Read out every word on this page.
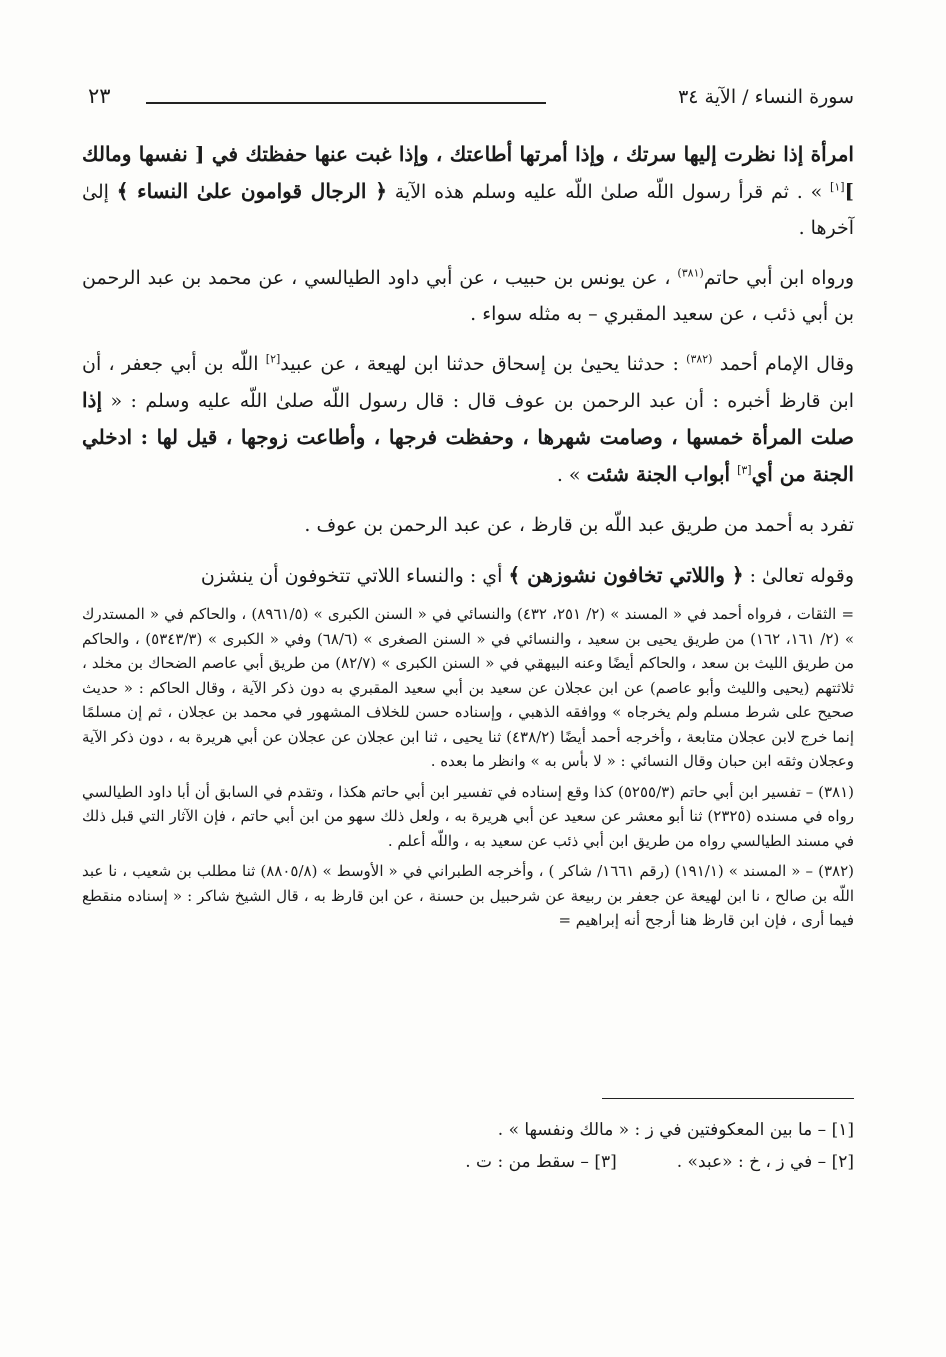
سورة النساء / الآية ٣٤
٢٣

امرأة إذا نظرت إليها سرتك ، وإذا أمرتها أطاعتك ، وإذا غبت عنها حفظتك في [ نفسها ومالك ][١] » . ثم قرأ رسول اللّه صلىٰ اللّه عليه وسلم هذه الآية ﴿ الرجال قوامون علىٰ النساء ﴾ إلىٰ آخرها .

ورواه ابن أبي حاتم$^{(٣٨١)}$ ، عن يونس بن حبيب ، عن أبي داود الطيالسي ، عن محمد بن عبد الرحمن بن أبي ذئب ، عن سعيد المقبري – به مثله سواء .

وقال الإمام أحمد $^{(٣٨٢)}$ : حدثنا يحيىٰ بن إسحاق حدثنا ابن لهيعة ، عن عبيد[٢] اللّه بن أبي جعفر ، أن ابن قارظ أخبره : أن عبد الرحمن بن عوف قال : قال رسول اللّه صلىٰ اللّه عليه وسلم : « إذا صلت المرأة خمسها ، وصامت شهرها ، وحفظت فرجها ، وأطاعت زوجها ، قيل لها : ادخلي الجنة من أي[٣] أبواب الجنة شئت » .

تفرد به أحمد من طريق عبد اللّه بن قارظ ، عن عبد الرحمن بن عوف .

وقوله تعالىٰ : ﴿ واللاتي تخافون نشوزهن ﴾ أي : والنساء اللاتي تتخوفون أن ينشزن

= الثقات ، فرواه أحمد في « المسند » (٢/ ٢٥١، ٤٣٢) والنسائي في « السنن الكبرى » (٨٩٦١/٥) ، والحاكم في « المستدرك » (٢/ ١٦١، ١٦٢) من طريق يحيى بن سعيد ، والنسائي في « السنن الصغرى » (٦٨/٦) وفي « الكبرى » (٥٣٤٣/٣) ، والحاكم من طريق الليث بن سعد ، والحاكم أيضًا وعنه البيهقي في « السنن الكبرى » (٨٢/٧) من طريق أبي عاصم الضحاك بن مخلد ، ثلاثتهم (يحيى والليث وأبو عاصم) عن ابن عجلان عن سعيد بن أبي سعيد المقبري به دون ذكر الآية ، وقال الحاكم : « حديث صحيح على شرط مسلم ولم يخرجاه » ووافقه الذهبي ، وإسناده حسن للخلاف المشهور في محمد بن عجلان ، ثم إن مسلمًا إنما خرج لابن عجلان متابعة ، وأخرجه أحمد أيضًا (٤٣٨/٢) ثنا يحيى ، ثنا ابن عجلان عن عجلان عن أبي هريرة به ، دون ذكر الآية وعجلان وثقه ابن حبان وقال النسائي : « لا بأس به » وانظر ما بعده .

(٣٨١) – تفسير ابن أبي حاتم (٥٢٥٥/٣) كذا وقع إسناده في تفسير ابن أبي حاتم هكذا ، وتقدم في السابق أن أبا داود الطيالسي رواه في مسنده (٢٣٢٥) ثنا أبو معشر عن سعيد عن أبي هريرة به ، ولعل ذلك سهو من ابن أبي حاتم ، فإن الآثار التي قبل ذلك في مسند الطيالسي رواه من طريق ابن أبي ذئب عن سعيد به ، واللّه أعلم .

(٣٨٢) – « المسند » (١٩١/١) (رقم ١٦٦١/ شاكر ) ، وأخرجه الطبراني في « الأوسط » (٨٨٠٥/٨) ثنا مطلب بن شعيب ، نا عبد اللّه بن صالح ، نا ابن لهيعة عن جعفر بن ربيعة عن شرحبيل بن حسنة ، عن ابن قارظ به ، قال الشيخ شاكر : « إسناده منقطع فيما أرى ، فإن ابن قارظ هنا أرجح أنه إبراهيم =

[١] – ما بين المعكوفتين في ز : « مالك ونفسها » .
[٢] – في ز ، خ : «عبد» .[٣] – سقط من : ت .
